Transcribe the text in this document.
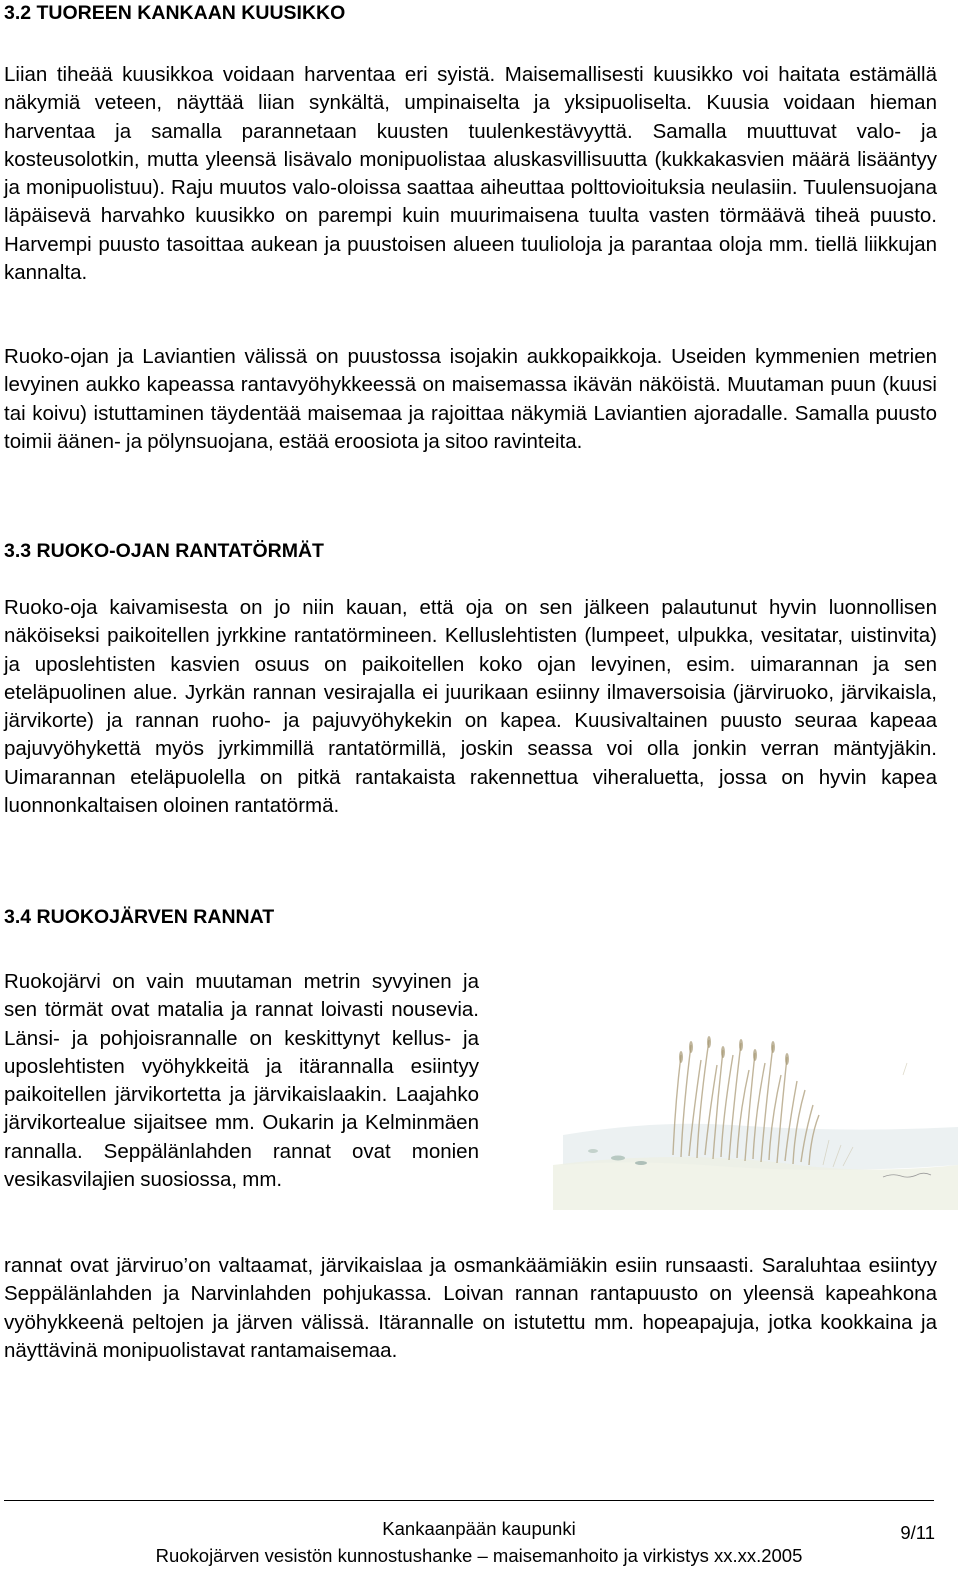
3.2 TUOREEN KANKAAN KUUSIKKO

Liian tiheää kuusikkoa voidaan harventaa eri syistä. Maisemallisesti kuusikko voi haitata estämällä näkymiä veteen, näyttää liian synkältä, umpinaiselta ja yksipuoliselta. Kuusia voidaan hieman harventaa ja samalla parannetaan kuusten tuulenkestävyyttä. Samalla muuttuvat valo- ja kosteusolotkin, mutta yleensä lisävalo monipuolistaa aluskasvillisuutta (kukkakasvien määrä lisääntyy ja monipuolistuu). Raju muutos valo-oloissa saattaa aiheuttaa polttovioituksia neulasiin. Tuulensuojana läpäisevä harvahko kuusikko on parempi kuin muurimaisena tuulta vasten törmäävä tiheä puusto. Harvempi puusto tasoittaa aukean ja puustoisen alueen tuulioloja ja parantaa oloja mm. tiellä liikkujan kannalta.

Ruoko-ojan ja Laviantien välissä on puustossa isojakin aukkopaikkoja. Useiden kymmenien metrien levyinen aukko kapeassa rantavyöhykkeessä on maisemassa ikävän näköistä. Muutaman puun (kuusi tai koivu) istuttaminen täydentää maisemaa ja rajoittaa näkymiä Laviantien ajoradalle. Samalla puusto toimii äänen- ja pölynsuojana, estää eroosiota ja sitoo ravinteita.

3.3 RUOKO-OJAN RANTATÖRMÄT

Ruoko-oja kaivamisesta on jo niin kauan, että oja on sen jälkeen palautunut hyvin luonnollisen näköiseksi paikoitellen jyrkkine rantatörmineen. Kelluslehtisten (lumpeet, ulpukka, vesitatar, uistinvita) ja uposlehtisten kasvien osuus on paikoitellen koko ojan levyinen, esim. uimarannan ja sen eteläpuolinen alue. Jyrkän rannan vesirajalla ei juurikaan esiinny ilmaversoisia (järviruoko, järvikaisla, järvikorte) ja rannan ruoho- ja pajuvyöhykekin on kapea. Kuusivaltainen puusto seuraa kapeaa pajuvyöhykettä myös jyrkimmillä rantatörmillä, joskin seassa voi olla jonkin verran mäntyjäkin. Uimarannan eteläpuolella on pitkä rantakaista rakennettua viheraluetta, jossa on hyvin kapea luonnonkaltaisen oloinen rantatörmä.

3.4 RUOKOJÄRVEN RANNAT

Ruokojärvi on vain muutaman metrin syvyinen ja sen törmät ovat matalia ja rannat loivasti nousevia. Länsi- ja pohjoisrannalle on keskittynyt kellus- ja uposlehtisten vyöhykkeitä ja itärannalla esiintyy paikoitellen järvikortetta ja järvikaislaakin. Laajahko järvikortealue sijaitsee mm. Oukarin ja Kelminmäen rannalla. Seppälänlahden rannat ovat monien vesikasvilajien suosiossa, mm.

rannat ovat järviruo’on valtaamat, järvikaislaa ja osmankäämiäkin esiin runsaasti. Saraluhtaa esiintyy Seppälänlahden ja Narvinlahden pohjukassa. Loivan rannan rantapuusto on yleensä kapeahkona vyöhykkeenä peltojen ja järven välissä. Itärannalle on istutettu mm. hopeapajuja, jotka kookkaina ja näyttävinä monipuolistavat rantamaisemaa.

Kankaanpään kaupunki
Ruokojärven vesistön kunnostushanke – maisemanhoito ja virkistys xx.xx.2005
9/11
